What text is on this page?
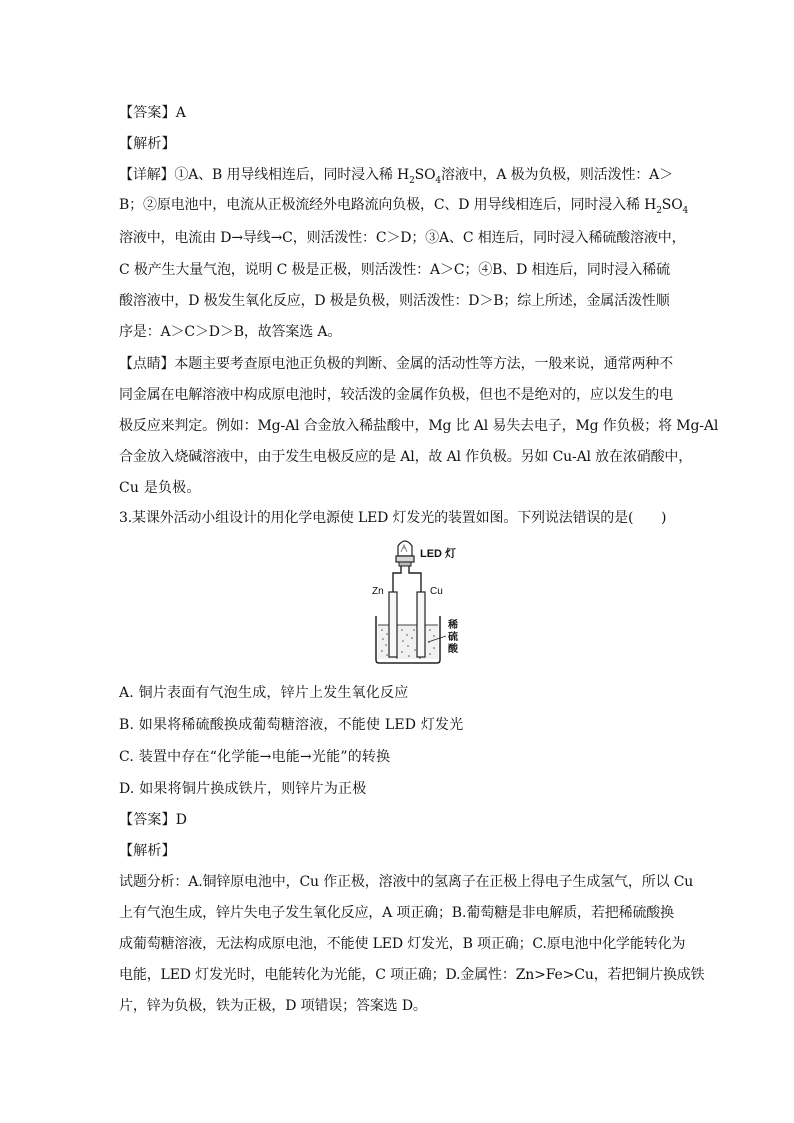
【答案】A
【解析】
【详解】①A、B 用导线相连后，同时浸入稀 $H_2SO_4$溶液中，A 极为负极，则活泼性：A＞
B；②原电池中，电流从正极流经外电路流向负极，C、D 用导线相连后，同时浸入稀 $H_2SO_4$
溶液中，电流由 D→导线→C，则活泼性：C＞D；③A、C 相连后，同时浸入稀硫酸溶液中，
C 极产生大量气泡，说明 C 极是正极，则活泼性：A＞C；④B、D 相连后，同时浸入稀硫
酸溶液中，D 极发生氧化反应，D 极是负极，则活泼性：D＞B；综上所述，金属活泼性顺
序是：A＞C＞D＞B，故答案选 A。
【点睛】本题主要考查原电池正负极的判断、金属的活动性等方法，一般来说，通常两种不
同金属在电解溶液中构成原电池时，较活泼的金属作负极，但也不是绝对的，应以发生的电
极反应来判定。例如：Mg-Al 合金放入稀盐酸中，Mg 比 Al 易失去电子，Mg 作负极；将 Mg-Al
合金放入烧碱溶液中，由于发生电极反应的是 Al，故 Al 作负极。另如 Cu-Al 放在浓硝酸中，
Cu 是负极。
3.某课外活动小组设计的用化学电源使 LED 灯发光的装置如图。下列说法错误的是(　　)
LED 灯
Zn	Cu
稀
硫
酸
A. 铜片表面有气泡生成，锌片上发生氧化反应
B. 如果将稀硫酸换成葡萄糖溶液，不能使 LED 灯发光
C. 装置中存在“化学能→电能→光能”的转换
D. 如果将铜片换成铁片，则锌片为正极
【答案】D
【解析】
试题分析：A.铜锌原电池中，Cu 作正极，溶液中的氢离子在正极上得电子生成氢气，所以 Cu
上有气泡生成，锌片失电子发生氧化反应，A 项正确；B.葡萄糖是非电解质，若把稀硫酸换
成葡萄糖溶液，无法构成原电池，不能使 LED 灯发光，B 项正确；C.原电池中化学能转化为
电能，LED 灯发光时，电能转化为光能，C 项正确；D.金属性：Zn>Fe>Cu，若把铜片换成铁
片，锌为负极，铁为正极，D 项错误；答案选 D。
